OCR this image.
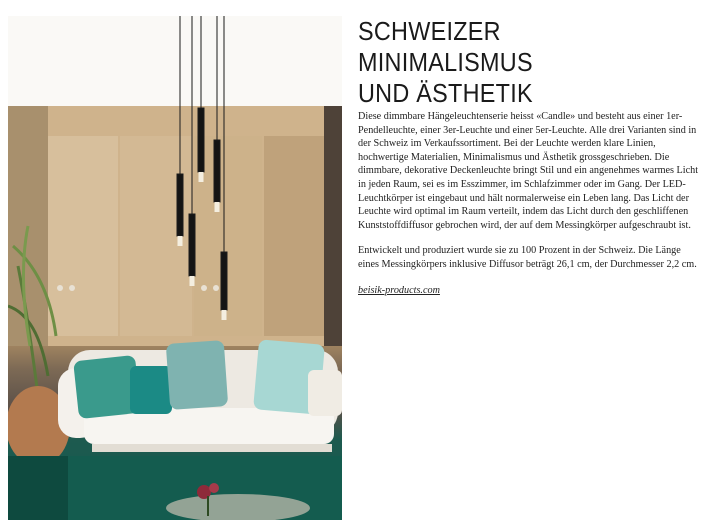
SCHWEIZER MINIMALISMUS
UND ÄSTHETIK

Diese dimmbare Hängeleuchtenserie heisst «Candle» und besteht aus einer 1er-Pendelleuchte, einer 3er-Leuchte und einer 5er-Leuchte. Alle drei Varianten sind in der Schweiz im Verkaufssortiment. Bei der Leuchte werden klare Linien, hochwertige Materialien, Minimalismus und Ästhetik grossgeschrieben. Die dimmbare, dekorative Deckenleuchte bringt Stil und ein angenehmes warmes Licht in jeden Raum, sei es im Esszimmer, im Schlafzimmer oder im Gang. Der LED-Leuchtkörper ist eingebaut und hält normalerweise ein Leben lang. Das Licht der Leuchte wird optimal im Raum verteilt, indem das Licht durch den geschliffenen Kunststoffdiffusor gebrochen wird, der auf dem Messingkörper aufgeschraubt ist.

Entwickelt und produziert wurde sie zu 100 Prozent in der Schweiz. Die Länge eines Messingkörpers inklusive Diffusor beträgt 26,1 cm, der Durchmesser 2,2 cm.

beisik-products.com
